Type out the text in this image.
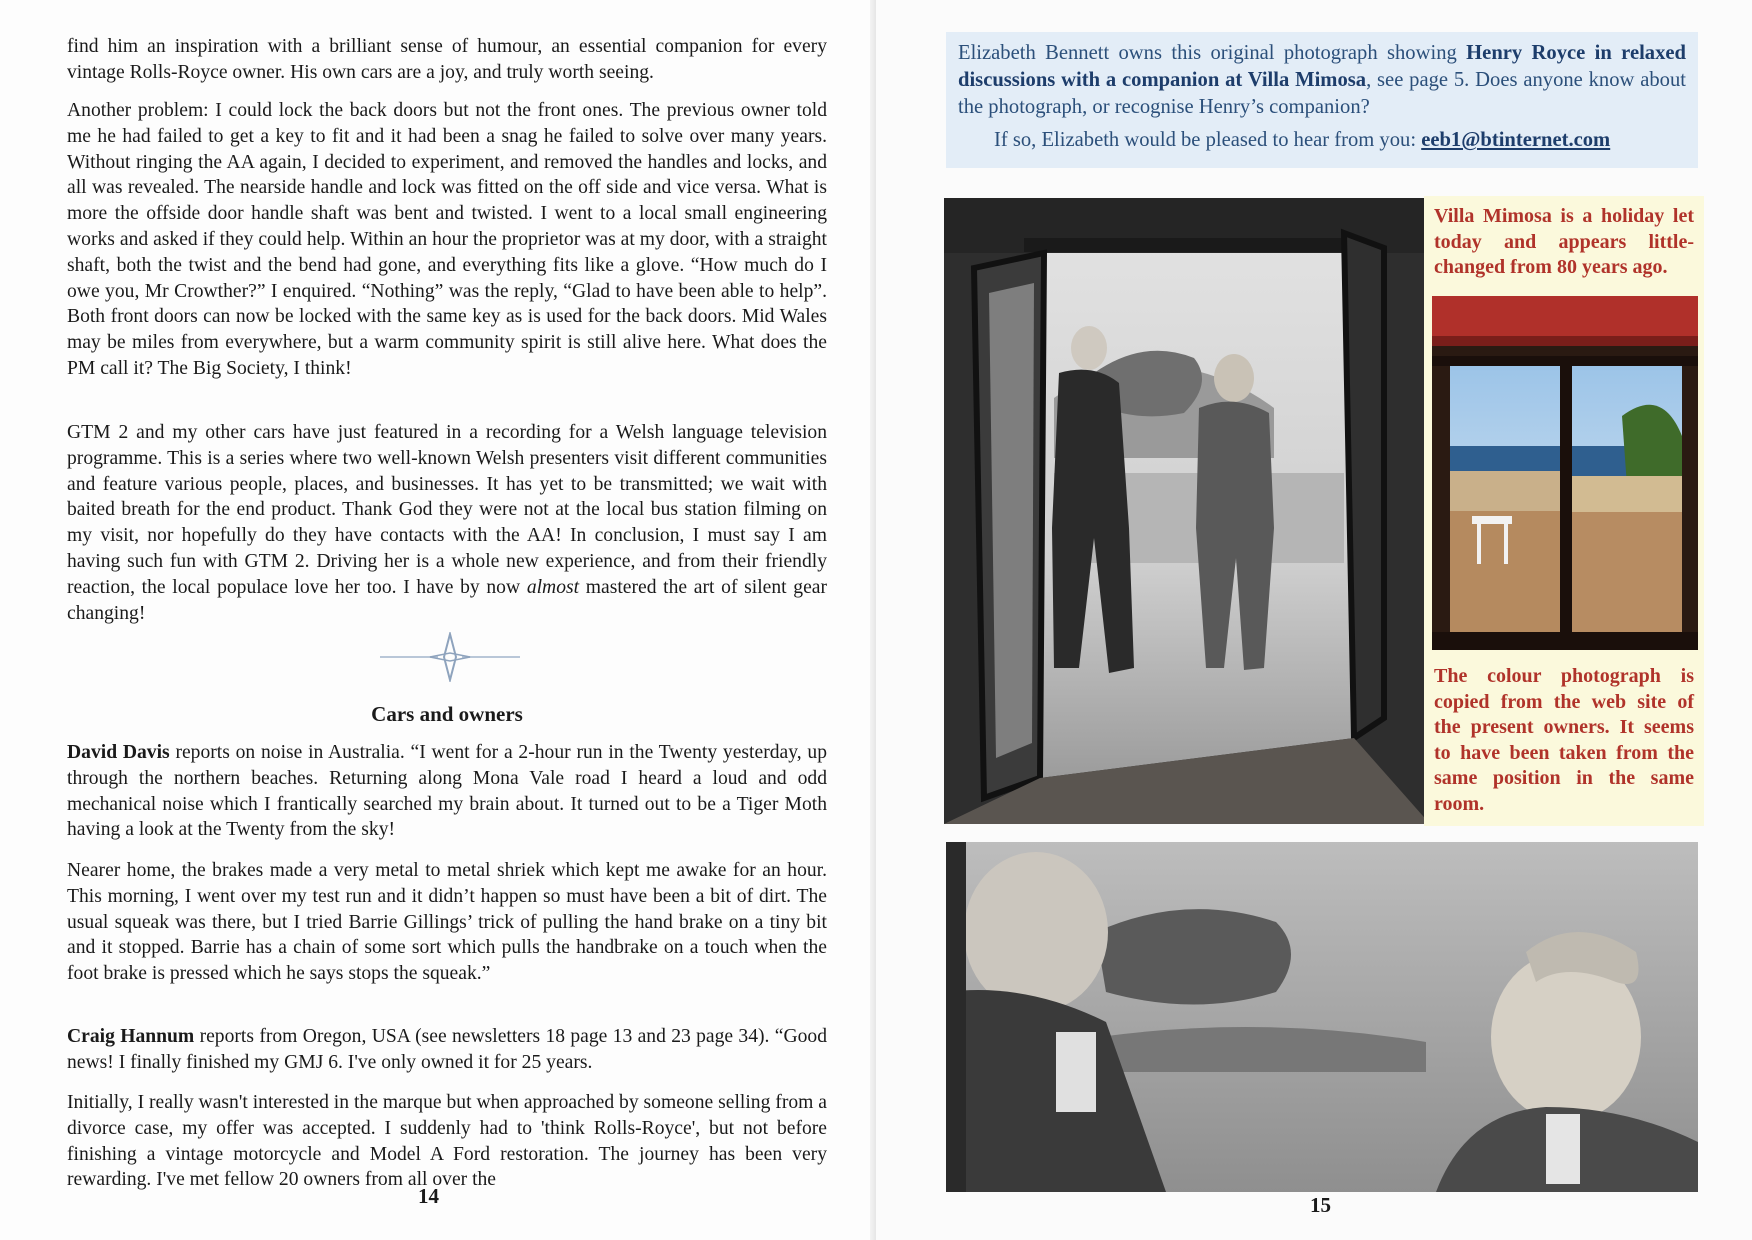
find him an inspiration with a brilliant sense of humour, an essential companion for every vintage Rolls-Royce owner. His own cars are a joy, and truly worth seeing.

Another problem: I could lock the back doors but not the front ones. The previous owner told me he had failed to get a key to fit and it had been a snag he failed to solve over many years. Without ringing the AA again, I decided to experiment, and removed the handles and locks, and all was revealed. The nearside handle and lock was fitted on the off side and vice versa. What is more the offside door handle shaft was bent and twisted. I went to a local small engineering works and asked if they could help. Within an hour the proprietor was at my door, with a straight shaft, both the twist and the bend had gone, and everything fits like a glove. “How much do I owe you, Mr Crowther?” I enquired. “Nothing” was the reply, “Glad to have been able to help”. Both front doors can now be locked with the same key as is used for the back doors. Mid Wales may be miles from everywhere, but a warm community spirit is still alive here. What does the PM call it? The Big Society, I think!

GTM 2 and my other cars have just featured in a recording for a Welsh language television programme. This is a series where two well-known Welsh presenters visit different communities and feature various people, places, and businesses. It has yet to be transmitted; we wait with baited breath for the end product. Thank God they were not at the local bus station filming on my visit, nor hopefully do they have contacts with the AA! In conclusion, I must say I am having such fun with GTM 2. Driving her is a whole new experience, and from their friendly reaction, the local populace love her too. I have by now almost mastered the art of silent gear changing!

Cars and owners

David Davis reports on noise in Australia. “I went for a 2-hour run in the Twenty yesterday, up through the northern beaches. Returning along Mona Vale road I heard a loud and odd mechanical noise which I frantically searched my brain about. It turned out to be a Tiger Moth having a look at the Twenty from the sky!

Nearer home, the brakes made a very metal to metal shriek which kept me awake for an hour. This morning, I went over my test run and it didn’t happen so must have been a bit of dirt. The usual squeak was there, but I tried Barrie Gillings’ trick of pulling the hand brake on a tiny bit and it stopped. Barrie has a chain of some sort which pulls the handbrake on a touch when the foot brake is pressed which he says stops the squeak.”

Craig Hannum reports from Oregon, USA (see newsletters 18 page 13 and 23 page 34). “Good news! I finally finished my GMJ 6. I've only owned it for 25 years.

Initially, I really wasn't interested in the marque but when approached by someone selling from a divorce case, my offer was accepted. I suddenly had to 'think Rolls-Royce', but not before finishing a vintage motorcycle and Model A Ford restoration. The journey has been very rewarding. I've met fellow 20 owners from all over the

14
Elizabeth Bennett owns this original photograph showing Henry Royce in relaxed discussions with a companion at Villa Mimosa, see page 5. Does anyone know about the photograph, or recognise Henry’s companion?
If so, Elizabeth would be pleased to hear from you: eeb1@btinternet.com
Villa Mimosa is a holiday let today and appears little-changed from 80 years ago.
The colour photograph is copied from the web site of the present owners. It seems to have been taken from the same position in the same room.
15
